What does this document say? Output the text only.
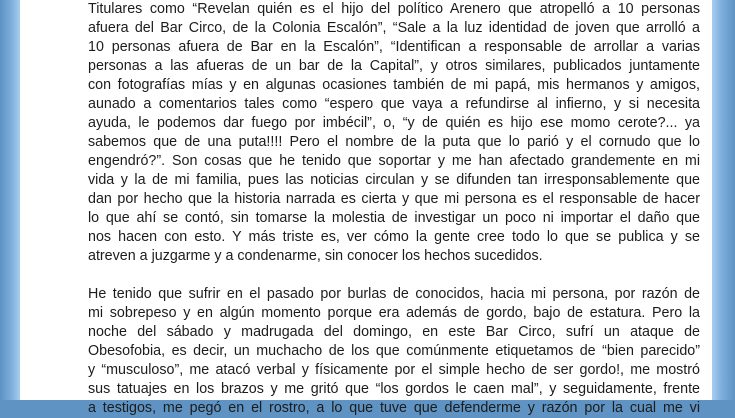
Titulares como “Revelan quién es el hijo del político Arenero que atropelló a 10 personas
afuera del Bar Circo, de la Colonia Escalón”, “Sale a la luz identidad de joven que arrolló a
10 personas afuera de Bar en la Escalón”, “Identifican a responsable de arrollar a varias
personas a las afueras de un bar de la Capital”, y otros similares, publicados juntamente
con fotografías mías y en algunas ocasiones también de mi papá, mis hermanos y amigos,
aunado a comentarios tales como “espero que vaya a refundirse al infierno, y si necesita
ayuda, le podemos dar fuego por imbécil”, o, “y de quién es hijo ese momo cerote?... ya
sabemos que de una puta!!!! Pero el nombre de la puta que lo parió y el cornudo que lo
engendró?”. Son cosas que he tenido que soportar y me han afectado grandemente en mi
vida y la de mi familia, pues las noticias circulan y se difunden tan irresponsablemente que
dan por hecho que la historia narrada es cierta y que mi persona es el responsable de hacer
lo que ahí se contó, sin tomarse la molestia de investigar un poco ni importar el daño que
nos hacen con esto. Y más triste es, ver cómo la gente cree todo lo que se publica y se
atreven a juzgarme y a condenarme, sin conocer los hechos sucedidos.

He tenido que sufrir en el pasado por burlas de conocidos, hacia mi persona, por razón de
mi sobrepeso y en algún momento porque era además de gordo, bajo de estatura. Pero la
noche del sábado y madrugada del domingo, en este Bar Circo, sufrí un ataque de
Obesofobia, es decir, un muchacho de los que comúnmente etiquetamos de “bien parecido”
y “musculoso”, me atacó verbal y físicamente por el simple hecho de ser gordo!, me mostró
sus tatuajes en los brazos y me gritó que “los gordos le caen mal”, y seguidamente, frente
a testigos, me pegó en el rostro, a lo que tuve que defenderme y razón por la cual me vi
